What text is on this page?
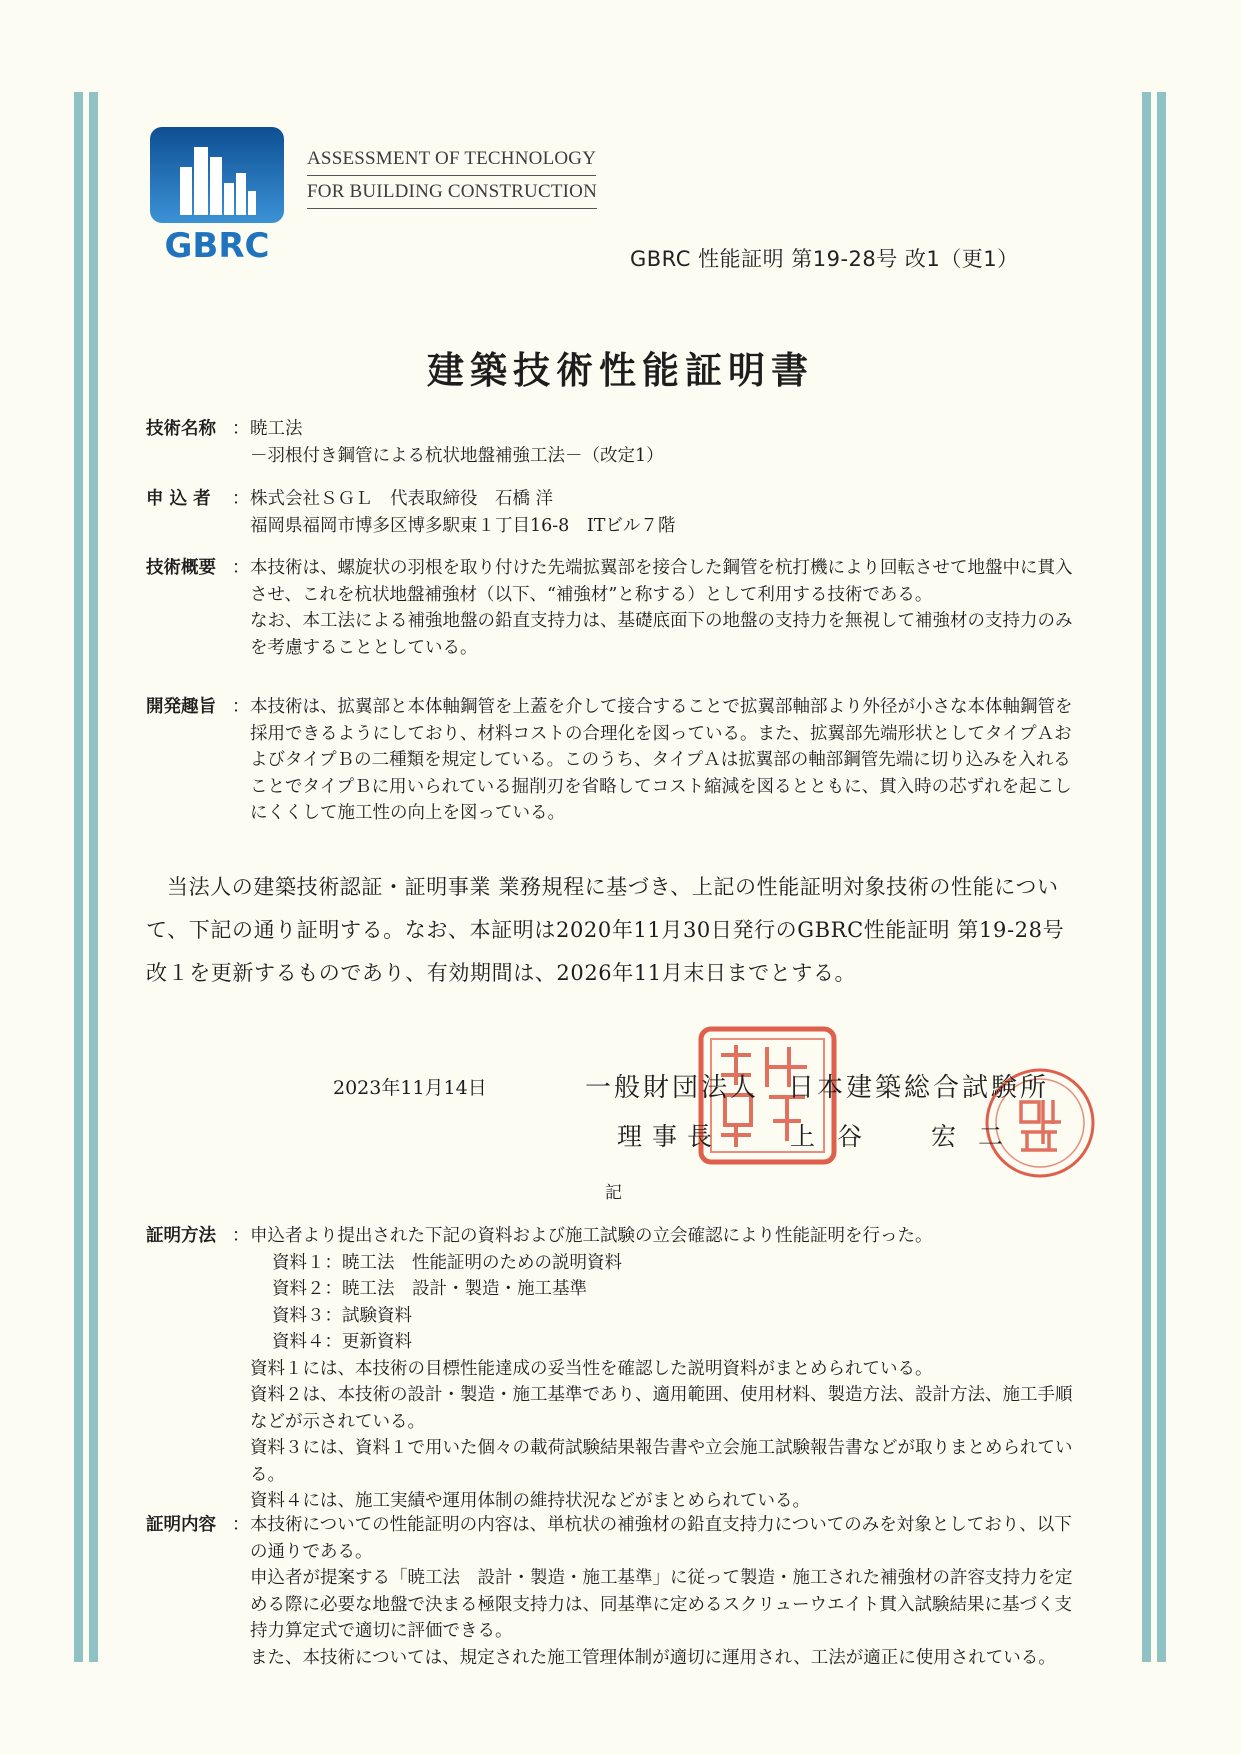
GBRC
ASSESSMENT OF TECHNOLOGY
FOR BUILDING CONSTRUCTION
GBRC 性能証明 第19-28号 改1（更1）
建築技術性能証明書
技術名称 ： 暁工法

－羽根付き鋼管による杭状地盤補強工法－（改定1）

申 込 者	： 株式会社ＳＧＬ　代表取締役　石橋 洋

福岡県福岡市博多区博多駅東１丁目16-8　ITビル７階

技術概要 ： 本技術は、螺旋状の羽根を取り付けた先端拡翼部を接合した鋼管を杭打機により回転させて地盤中に貫入させ、これを杭状地盤補強材（以下、“補強材”と称する）として利用する技術である。

なお、本工法による補強地盤の鉛直支持力は、基礎底面下の地盤の支持力を無視して補強材の支持力のみを考慮することとしている。

開発趣旨 ： 本技術は、拡翼部と本体軸鋼管を上蓋を介して接合することで拡翼部軸部より外径が小さな本体軸鋼管を採用できるようにしており、材料コストの合理化を図っている。また、拡翼部先端形状としてタイプＡおよびタイプＢの二種類を規定している。このうち、タイプＡは拡翼部の軸部鋼管先端に切り込みを入れることでタイプＢに用いられている掘削刃を省略してコスト縮減を図るとともに、貫入時の芯ずれを起こしにくくして施工性の向上を図っている。

当法人の建築技術認証・証明事業 業務規程に基づき、上記の性能証明対象技術の性能について、下記の通り証明する。なお、本証明は2020年11月30日発行のGBRC性能証明 第19-28号 改１を更新するものであり、有効期間は、2026年11月末日までとする。
2023年11月14日	一般財団法人　日本建築総合試験所
理事長	上谷　宏二
記
証明方法 ： 申込者より提出された下記の資料および施工試験の立会確認により性能証明を行った。

資料１：暁工法　性能証明のための説明資料

資料２：暁工法　設計・製造・施工基準

資料３：試験資料

資料４：更新資料

資料１には、本技術の目標性能達成の妥当性を確認した説明資料がまとめられている。

資料２は、本技術の設計・製造・施工基準であり、適用範囲、使用材料、製造方法、設計方法、施工手順などが示されている。

資料３には、資料１で用いた個々の載荷試験結果報告書や立会施工試験報告書などが取りまとめられている。

資料４には、施工実績や運用体制の維持状況などがまとめられている。

証明内容 ： 本技術についての性能証明の内容は、単杭状の補強材の鉛直支持力についてのみを対象としており、以下の通りである。

申込者が提案する「暁工法　設計・製造・施工基準」に従って製造・施工された補強材の許容支持力を定める際に必要な地盤で決まる極限支持力は、同基準に定めるスクリューウエイト貫入試験結果に基づく支持力算定式で適切に評価できる。

また、本技術については、規定された施工管理体制が適切に運用され、工法が適正に使用されている。
